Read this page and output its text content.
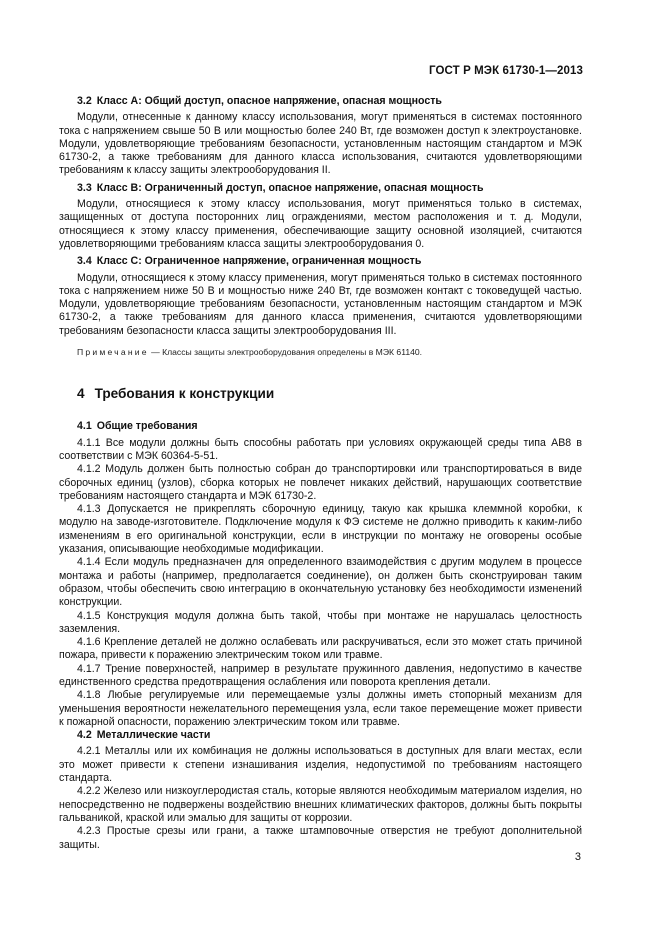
ГОСТ Р МЭК 61730-1—2013
3.2 Класс А: Общий доступ, опасное напряжение, опасная мощность

Модули, отнесенные к данному классу использования, могут применяться в системах постоянного тока с напряжением свыше 50 В или мощностью более 240 Вт, где возможен доступ к электроустановке. Модули, удовлетворяющие требованиям безопасности, установленным настоящим стандартом и МЭК 61730-2, а также требованиям для данного класса использования, считаются удовлетворяющими требованиям к классу защиты электрооборудования II.

3.3 Класс В: Ограниченный доступ, опасное напряжение, опасная мощность

Модули, относящиеся к этому классу использования, могут применяться только в системах, защищенных от доступа посторонних лиц ограждениями, местом расположения и т. д. Модули, относящиеся к этому классу применения, обеспечивающие защиту основной изоляцией, считаются удовлетворяющими требованиям класса защиты электрооборудования 0.

3.4 Класс С: Ограниченное напряжение, ограниченная мощность

Модули, относящиеся к этому классу применения, могут применяться только в системах постоянного тока с напряжением ниже 50 В и мощностью ниже 240 Вт, где возможен контакт с токоведущей частью. Модули, удовлетворяющие требованиям безопасности, установленным настоящим стандартом и МЭК 61730-2, а также требованиям для данного класса применения, считаются удовлетворяющими требованиям безопасности класса защиты электрооборудования III.

Примечание — Классы защиты электрооборудования определены в МЭК 61140.

4 Требования к конструкции
4.1 Общие требования

4.1.1 Все модули должны быть способны работать при условиях окружающей среды типа АВ8 в соответствии с МЭК 60364-5-51.

4.1.2 Модуль должен быть полностью собран до транспортировки или транспортироваться в виде сборочных единиц (узлов), сборка которых не повлечет никаких действий, нарушающих соответствие требованиям настоящего стандарта и МЭК 61730-2.

4.1.3 Допускается не прикреплять сборочную единицу, такую как крышка клеммной коробки, к модулю на заводе-изготовителе. Подключение модуля к ФЭ системе не должно приводить к каким-либо изменениям в его оригинальной конструкции, если в инструкции по монтажу не оговорены особые указания, описывающие необходимые модификации.

4.1.4 Если модуль предназначен для определенного взаимодействия с другим модулем в процессе монтажа и работы (например, предполагается соединение), он должен быть сконструирован таким образом, чтобы обеспечить свою интеграцию в окончательную установку без необходимости изменений конструкции.

4.1.5 Конструкция модуля должна быть такой, чтобы при монтаже не нарушалась целостность заземления.

4.1.6 Крепление деталей не должно ослабевать или раскручиваться, если это может стать причиной пожара, привести к поражению электрическим током или травме.

4.1.7 Трение поверхностей, например в результате пружинного давления, недопустимо в качестве единственного средства предотвращения ослабления или поворота крепления детали.

4.1.8 Любые регулируемые или перемещаемые узлы должны иметь стопорный механизм для уменьшения вероятности нежелательного перемещения узла, если такое перемещение может привести к пожарной опасности, поражению электрическим током или травме.

4.2 Металлические части

4.2.1 Металлы или их комбинация не должны использоваться в доступных для влаги местах, если это может привести к степени изнашивания изделия, недопустимой по требованиям настоящего стандарта.

4.2.2 Железо или низкоуглеродистая сталь, которые являются необходимым материалом изделия, но непосредственно не подвержены воздействию внешних климатических факторов, должны быть покрыты гальваникой, краской или эмалью для защиты от коррозии.

4.2.3 Простые срезы или грани, а также штамповочные отверстия не требуют дополнительной защиты.

3
